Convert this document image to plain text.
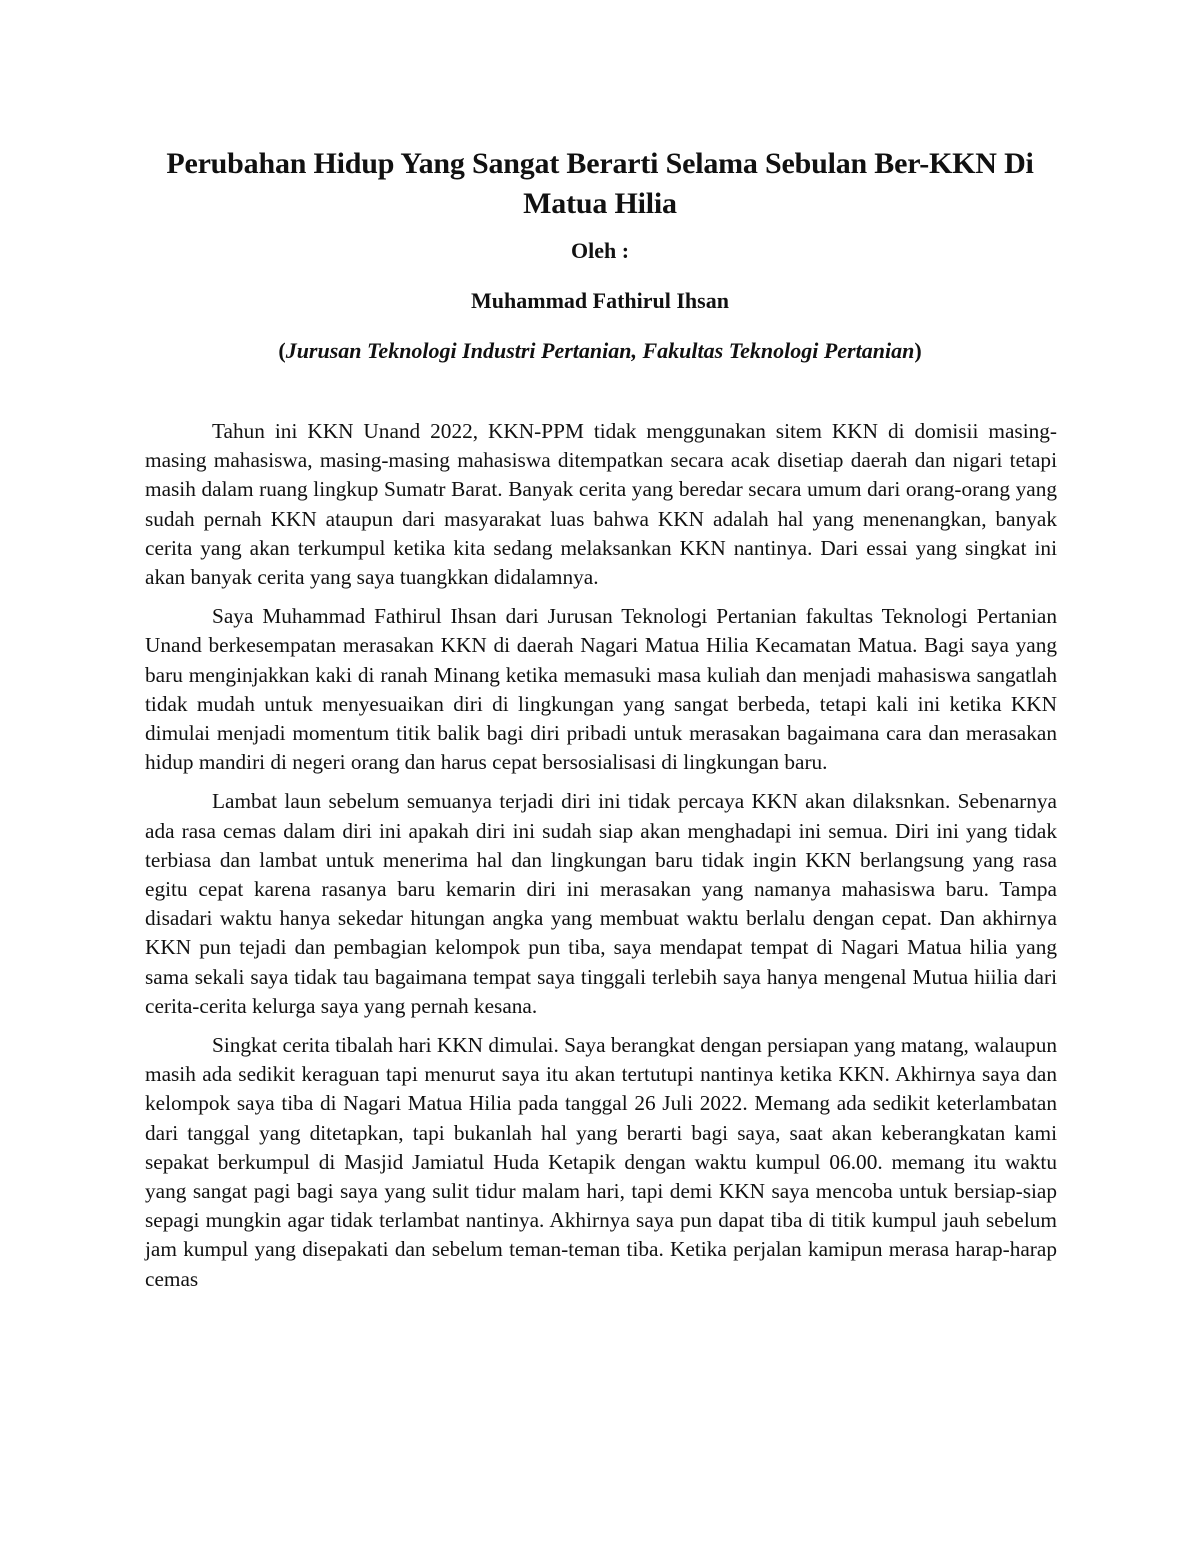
Perubahan Hidup Yang Sangat Berarti Selama Sebulan Ber-KKN Di Matua Hilia
Oleh :
Muhammad Fathirul Ihsan
(Jurusan Teknologi Industri Pertanian, Fakultas Teknologi Pertanian)

Tahun ini KKN Unand 2022, KKN-PPM tidak menggunakan sitem KKN di domisii masing-masing mahasiswa, masing-masing mahasiswa ditempatkan secara acak disetiap daerah dan nigari tetapi masih dalam ruang lingkup Sumatr Barat. Banyak cerita yang beredar secara umum dari orang-orang yang sudah pernah KKN ataupun dari masyarakat luas bahwa KKN adalah hal yang menenangkan, banyak cerita yang akan terkumpul ketika kita sedang melaksankan KKN nantinya. Dari essai yang singkat ini akan banyak cerita yang saya tuangkkan didalamnya.

Saya Muhammad Fathirul Ihsan dari Jurusan Teknologi Pertanian fakultas Teknologi Pertanian Unand berkesempatan merasakan KKN di daerah Nagari Matua Hilia Kecamatan Matua. Bagi saya yang baru menginjakkan kaki di ranah Minang ketika memasuki masa kuliah dan menjadi mahasiswa sangatlah tidak mudah untuk menyesuaikan diri di lingkungan yang sangat berbeda, tetapi kali ini ketika KKN dimulai menjadi momentum titik balik bagi diri pribadi untuk merasakan bagaimana cara dan merasakan hidup mandiri di negeri orang dan harus cepat bersosialisasi di lingkungan baru.

Lambat laun sebelum semuanya terjadi diri ini tidak percaya KKN akan dilaksnkan. Sebenarnya ada rasa cemas dalam diri ini apakah diri ini sudah siap akan menghadapi ini semua. Diri ini yang tidak terbiasa dan lambat untuk menerima hal dan lingkungan baru tidak ingin KKN berlangsung yang rasa egitu cepat karena rasanya baru kemarin diri ini merasakan yang namanya mahasiswa baru. Tampa disadari waktu hanya sekedar hitungan angka yang membuat waktu berlalu dengan cepat. Dan akhirnya KKN pun tejadi dan pembagian kelompok pun tiba, saya mendapat tempat di Nagari Matua hilia yang sama sekali saya tidak tau bagaimana tempat saya tinggali terlebih saya hanya mengenal Mutua hiilia dari cerita-cerita kelurga saya yang pernah kesana.

Singkat cerita tibalah hari KKN dimulai. Saya berangkat dengan persiapan yang matang, walaupun masih ada sedikit keraguan tapi menurut saya itu akan tertutupi nantinya ketika KKN. Akhirnya saya dan kelompok saya tiba di Nagari Matua Hilia pada tanggal 26 Juli 2022. Memang ada sedikit keterlambatan dari tanggal yang ditetapkan, tapi bukanlah hal yang berarti bagi saya, saat akan keberangkatan kami sepakat berkumpul di Masjid Jamiatul Huda Ketapik dengan waktu kumpul 06.00. memang itu waktu yang sangat pagi bagi saya yang sulit tidur malam hari, tapi demi KKN saya mencoba untuk bersiap-siap sepagi mungkin agar tidak terlambat nantinya. Akhirnya saya pun dapat tiba di titik kumpul jauh sebelum jam kumpul yang disepakati dan sebelum teman-teman tiba. Ketika perjalan kamipun merasa harap-harap cemas
